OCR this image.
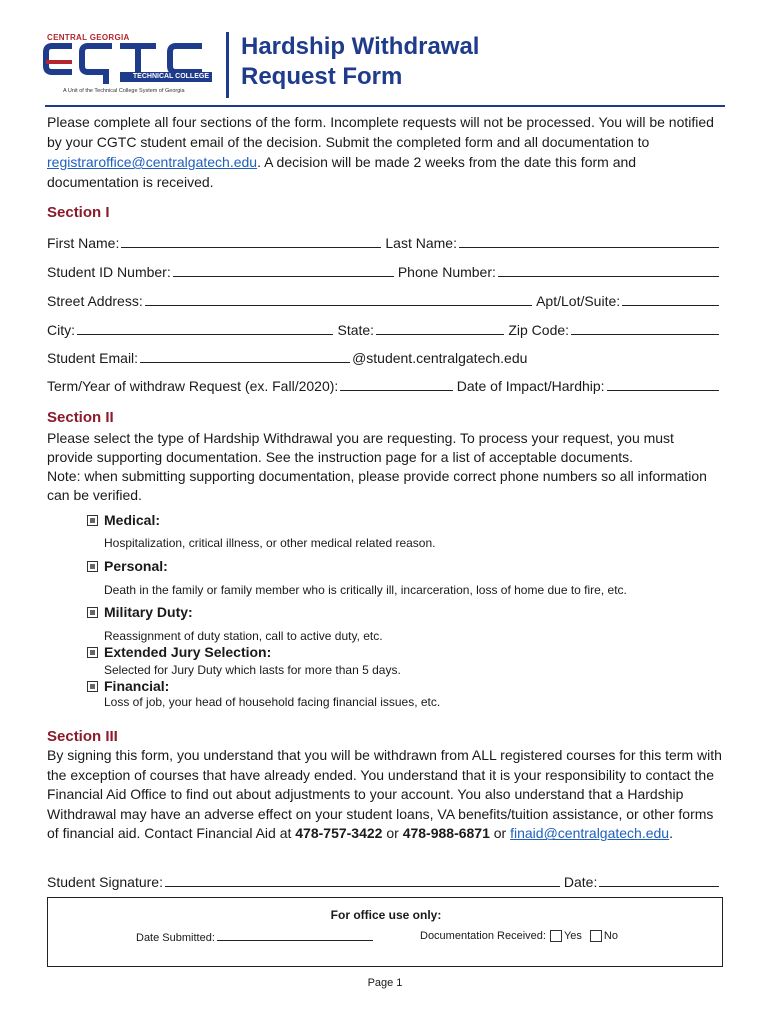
CENTRAL GEORGIA
TECHNICAL COLLEGE
A Unit of the Technical College System of Georgia
Hardship Withdrawal
Request Form
Please complete all four sections of the form. Incomplete requests will not be processed. You will be notified by your CGTC student email of the decision. Submit the completed form and all documentation to registraroffice@centralgatech.edu. A decision will be made 2 weeks from the date this form and documentation is received.
Section I
First Name:	Last Name:
Student ID Number:	Phone Number:
Street Address:	Apt/Lot/Suite:
City:	State:	Zip Code:
Student Email:	@student.centralgatech.edu
Term/Year of withdraw Request (ex. Fall/2020):	Date of Impact/Hardhip:
Section II
Please select the type of Hardship Withdrawal you are requesting. To process your request, you must provide supporting documentation. See the instruction page for a list of acceptable documents.
Note: when submitting supporting documentation, please provide correct phone numbers so all information can be verified.
Medical:
Hospitalization, critical illness, or other medical related reason.
Personal:
Death in the family or family member who is critically ill, incarceration, loss of home due to fire, etc.
Military Duty:
Reassignment of duty station, call to active duty, etc.
Extended Jury Selection:
Selected for Jury Duty which lasts for more than 5 days.
Financial:
Loss of job, your head of household facing financial issues, etc.
Section III
By signing this form, you understand that you will be withdrawn from ALL registered courses for this term with the exception of courses that have already ended. You understand that it is your responsibility to contact the Financial Aid Office to find out about adjustments to your account. You also understand that a Hardship Withdrawal may have an adverse effect on your student loans, VA benefits/tuition assistance, or other forms of financial aid. Contact Financial Aid at 478-757-3422 or 478-988-6871 or finaid@centralgatech.edu.
Student Signature:	Date:
For office use only:
Date Submitted:	Documentation Received: Yes No
Page 1
